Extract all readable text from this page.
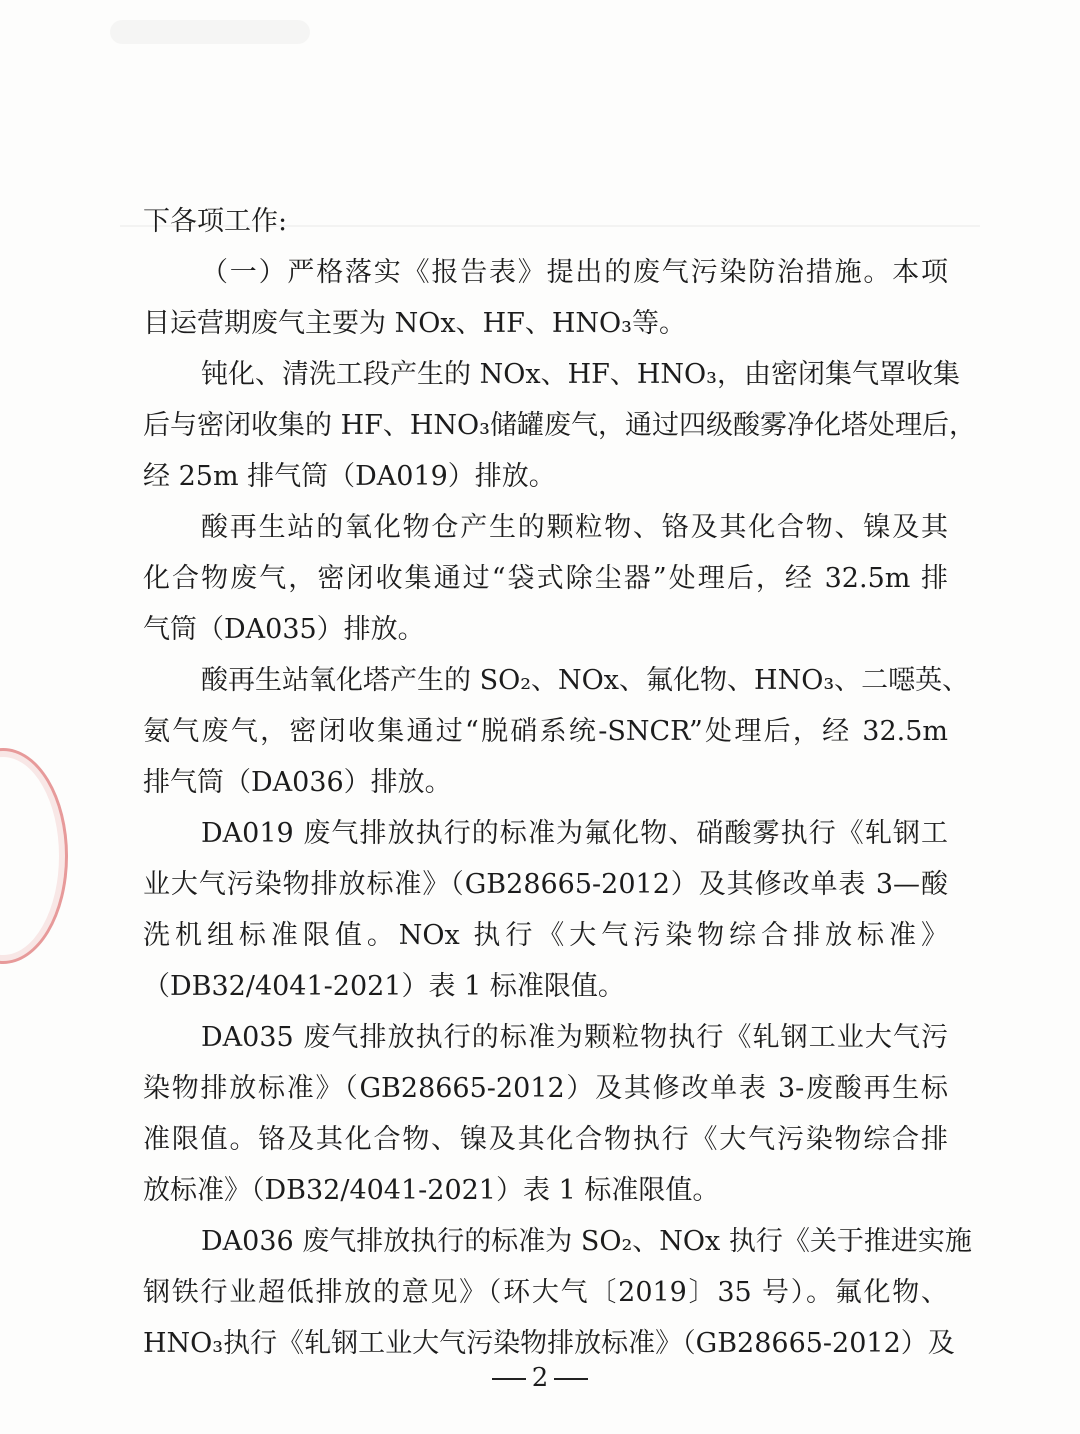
下各项工作:
（一）严格落实《报告表》提出的废气污染防治措施。本项
目运营期废气主要为 NOx、HF、HNO₃等。
钝化、清洗工段产生的 NOx、HF、HNO₃，由密闭集气罩收集
后与密闭收集的 HF、HNO₃储罐废气，通过四级酸雾净化塔处理后，
经 25m 排气筒（DA019）排放。
酸再生站的氧化物仓产生的颗粒物、铬及其化合物、镍及其
化合物废气，密闭收集通过“袋式除尘器”处理后，经 32.5m 排
气筒（DA035）排放。
酸再生站氧化塔产生的 SO₂、NOx、氟化物、HNO₃、二噁英、
氨气废气，密闭收集通过“脱硝系统-SNCR”处理后，经 32.5m
排气筒（DA036）排放。
DA019 废气排放执行的标准为氟化物、硝酸雾执行《轧钢工
业大气污染物排放标准》（GB28665-2012）及其修改单表 3—酸
洗机组标准限值。NOx 执行《大气污染物综合排放标准》
（DB32/4041-2021）表 1 标准限值。
DA035 废气排放执行的标准为颗粒物执行《轧钢工业大气污
染物排放标准》（GB28665-2012）及其修改单表 3-废酸再生标
准限值。铬及其化合物、镍及其化合物执行《大气污染物综合排
放标准》（DB32/4041-2021）表 1 标准限值。
DA036 废气排放执行的标准为 SO₂、NOx 执行《关于推进实施
钢铁行业超低排放的意见》（环大气〔2019〕35 号）。氟化物、
HNO₃执行《轧钢工业大气污染物排放标准》（GB28665-2012）及
2
